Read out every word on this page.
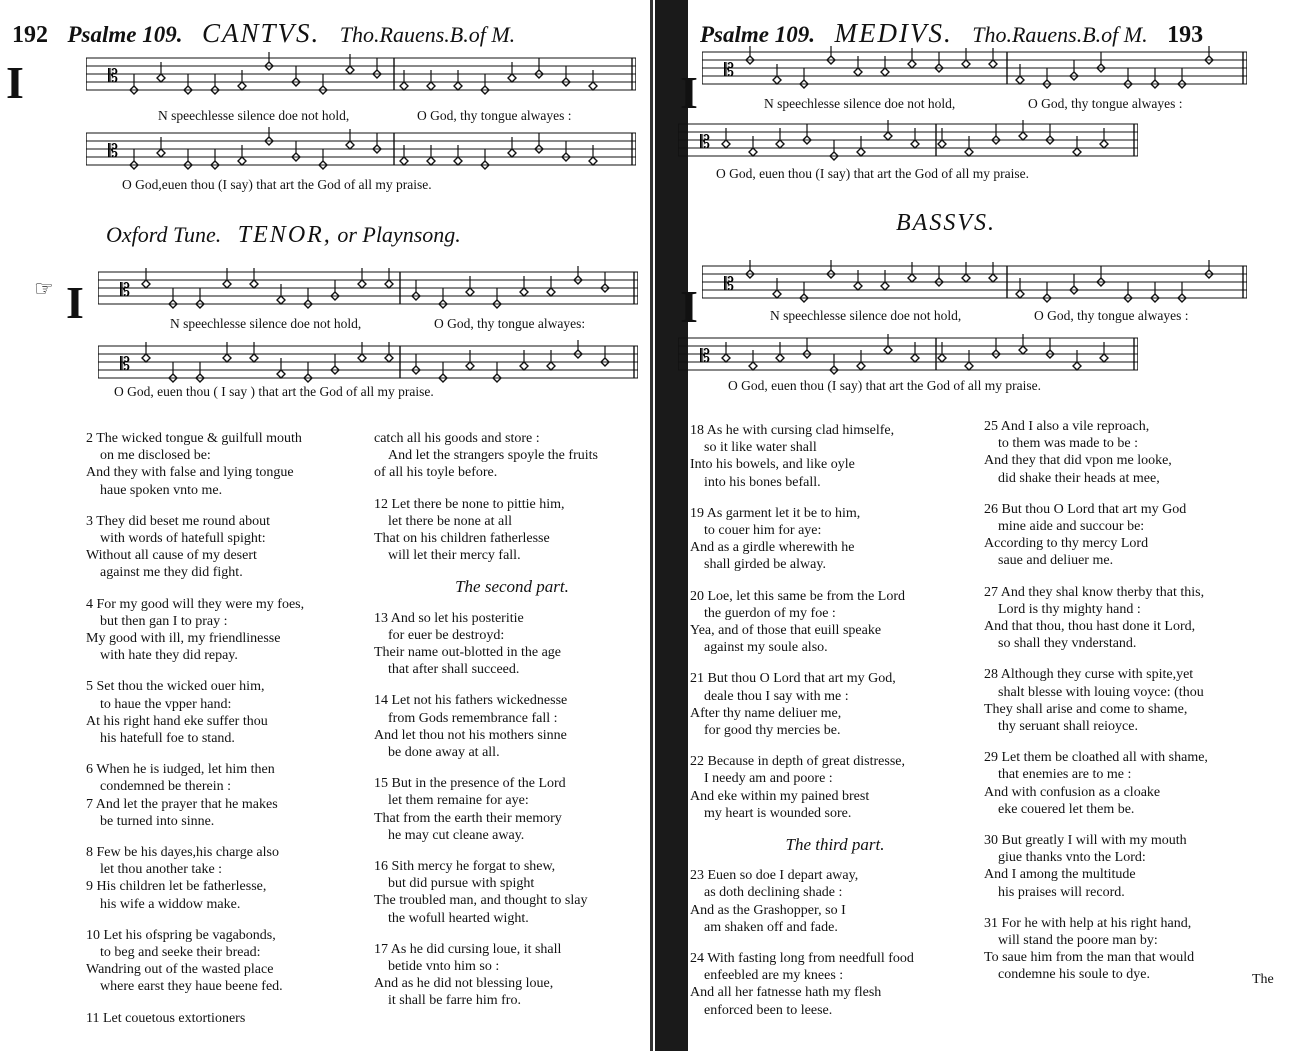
192 Psalme 109. CANTVS. Tho.Rauens.B.of M.
I	𝄡
N speechlesse silence doe not hold,	O God, thy tongue alwayes :
𝄡
O God,euen thou (I say) that art the God of all my praise.
Oxford Tune. TENOR, or Playnsong.
☞ I 𝄡
N speechlesse silence doe not hold,	O God, thy tongue alwayes:
𝄡
O God, euen thou ( I say ) that art the God of all my praise.
2 The wicked tongue & guilfull mouth
on me disclosed be:
And they with false and lying tongue
haue spoken vnto me.
3 They did beset me round about
with words of hatefull spight:
Without all cause of my desert
against me they did fight.
4 For my good will they were my foes,
but then gan I to pray :
My good with ill, my friendlinesse
with hate they did repay.
5 Set thou the wicked ouer him,
to haue the vpper hand:
At his right hand eke suffer thou
his hatefull foe to stand.
6 When he is iudged, let him then
condemned be therein :
7 And let the prayer that he makes
be turned into sinne.
8 Few be his dayes,his charge also
let thou another take :
9 His children let be fatherlesse,
his wife a widdow make.
10 Let his ofspring be vagabonds,
to beg and seeke their bread:
Wandring out of the wasted place
where earst they haue beene fed.
11 Let couetous extortioners
catch all his goods and store :
And let the strangers spoyle the fruits
of all his toyle before.
12 Let there be none to pittie him,
let there be none at all
That on his children fatherlesse
will let their mercy fall.
The second part.
13 And so let his posteritie
for euer be destroyd:
Their name out-blotted in the age
that after shall succeed.
14 Let not his fathers wickednesse
from Gods remembrance fall :
And let thou not his mothers sinne
be done away at all.
15 But in the presence of the Lord
let them remaine for aye:
That from the earth their memory
he may cut cleane away.
16 Sith mercy he forgat to shew,
but did pursue with spight
The troubled man, and thought to slay
the wofull hearted wight.
17 As he did cursing loue, it shall
betide vnto him so :
And as he did not blessing loue,
it shall be farre him fro.
Psalme 109. MEDIVS. Tho.Rauens.B.of M. 193
I 𝄡
N speechlesse silence doe not hold,	O God, thy tongue alwayes :
𝄡
O God, euen thou (I say) that art the God of all my praise.
BASSVS.
I 𝄡
N speechlesse silence doe not hold,	O God, thy tongue alwayes :
𝄡
O God, euen thou (I say) that art the God of all my praise.
18 As he with cursing clad himselfe,
so it like water shall
Into his bowels, and like oyle
into his bones befall.
19 As garment let it be to him,
to couer him for aye:
And as a girdle wherewith he
shall girded be alway.
20 Loe, let this same be from the Lord
the guerdon of my foe :
Yea, and of those that euill speake
against my soule also.
21 But thou O Lord that art my God,
deale thou I say with me :
After thy name deliuer me,
for good thy mercies be.
22 Because in depth of great distresse,
I needy am and poore :
And eke within my pained brest
my heart is wounded sore.
The third part.
23 Euen so doe I depart away,
as doth declining shade :
And as the Grashopper, so I
am shaken off and fade.
24 With fasting long from needfull food
enfeebled are my knees :
And all her fatnesse hath my flesh
enforced been to leese.
25 And I also a vile reproach,
to them was made to be :
And they that did vpon me looke,
did shake their heads at mee,
26 But thou O Lord that art my God
mine aide and succour be:
According to thy mercy Lord
saue and deliuer me.
27 And they shal know therby that this,
Lord is thy mighty hand :
And that thou, thou hast done it Lord,
so shall they vnderstand.
28 Although they curse with spite,yet
shalt blesse with louing voyce: (thou
They shall arise and come to shame,
thy seruant shall reioyce.
29 Let them be cloathed all with shame,
that enemies are to me :
And with confusion as a cloake
eke couered let them be.
30 But greatly I will with my mouth
giue thanks vnto the Lord:
And I among the multitude
his praises will record.
31 For he with help at his right hand,
will stand the poore man by:
To saue him from the man that would
condemne his soule to dye.	The
